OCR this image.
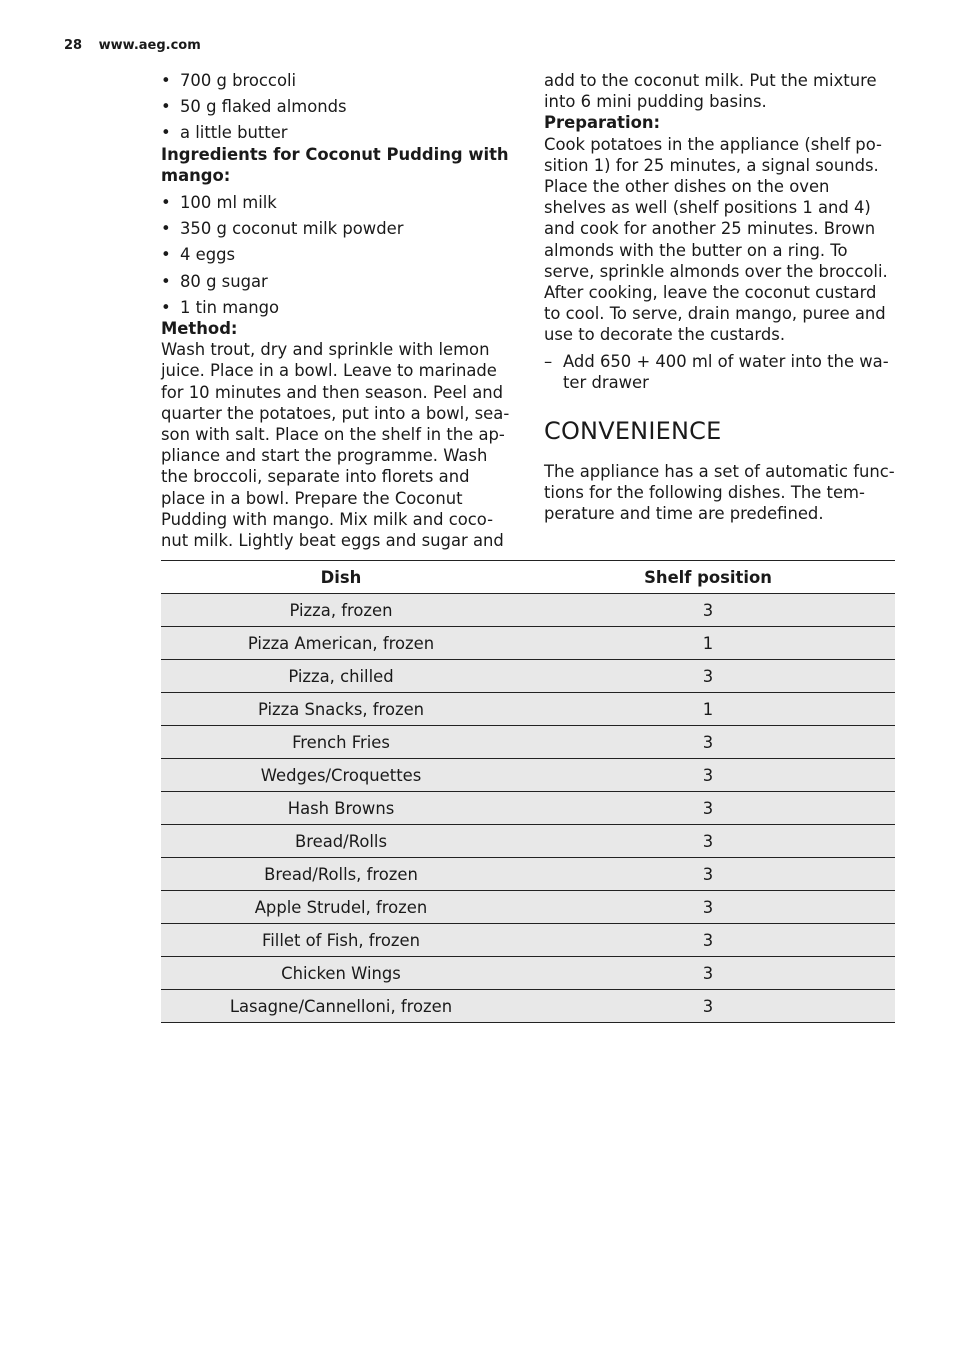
28 www.aeg.com
• 700 g broccoli
• 50 g flaked almonds
• a little butter

Ingredients for Coconut Pudding with mango:

• 100 ml milk
• 350 g coconut milk powder
• 4 eggs
• 80 g sugar
• 1 tin mango

Method:

Wash trout, dry and sprinkle with lemon juice. Place in a bowl. Leave to marinade for 10 minutes and then season. Peel and quarter the potatoes, put into a bowl, sea-son with salt. Place on the shelf in the ap-pliance and start the programme. Wash the broccoli, separate into florets and place in a bowl. Prepare the Coconut Pudding with mango. Mix milk and coco-nut milk. Lightly beat eggs and sugar and

add to the coconut milk. Put the mixture into 6 mini pudding basins.

Preparation:

Cook potatoes in the appliance (shelf po-sition 1) for 25 minutes, a signal sounds. Place the other dishes on the oven shelves as well (shelf positions 1 and 4) and cook for another 25 minutes. Brown almonds with the butter on a ring. To serve, sprinkle almonds over the broccoli. After cooking, leave the coconut custard to cool. To serve, drain mango, puree and use to decorate the custards.

– Add 650 + 400 ml of water into the wa-ter drawer
CONVENIENCE

The appliance has a set of automatic func-tions for the following dishes. The tem-perature and time are predefined.

Dish	Shelf position
Pizza, frozen	3
Pizza American, frozen	1
Pizza, chilled	3
Pizza Snacks, frozen	1
French Fries	3
Wedges/Croquettes	3
Hash Browns	3
Bread/Rolls	3
Bread/Rolls, frozen	3
Apple Strudel, frozen	3
Fillet of Fish, frozen	3
Chicken Wings	3
Lasagne/Cannelloni, frozen	3
